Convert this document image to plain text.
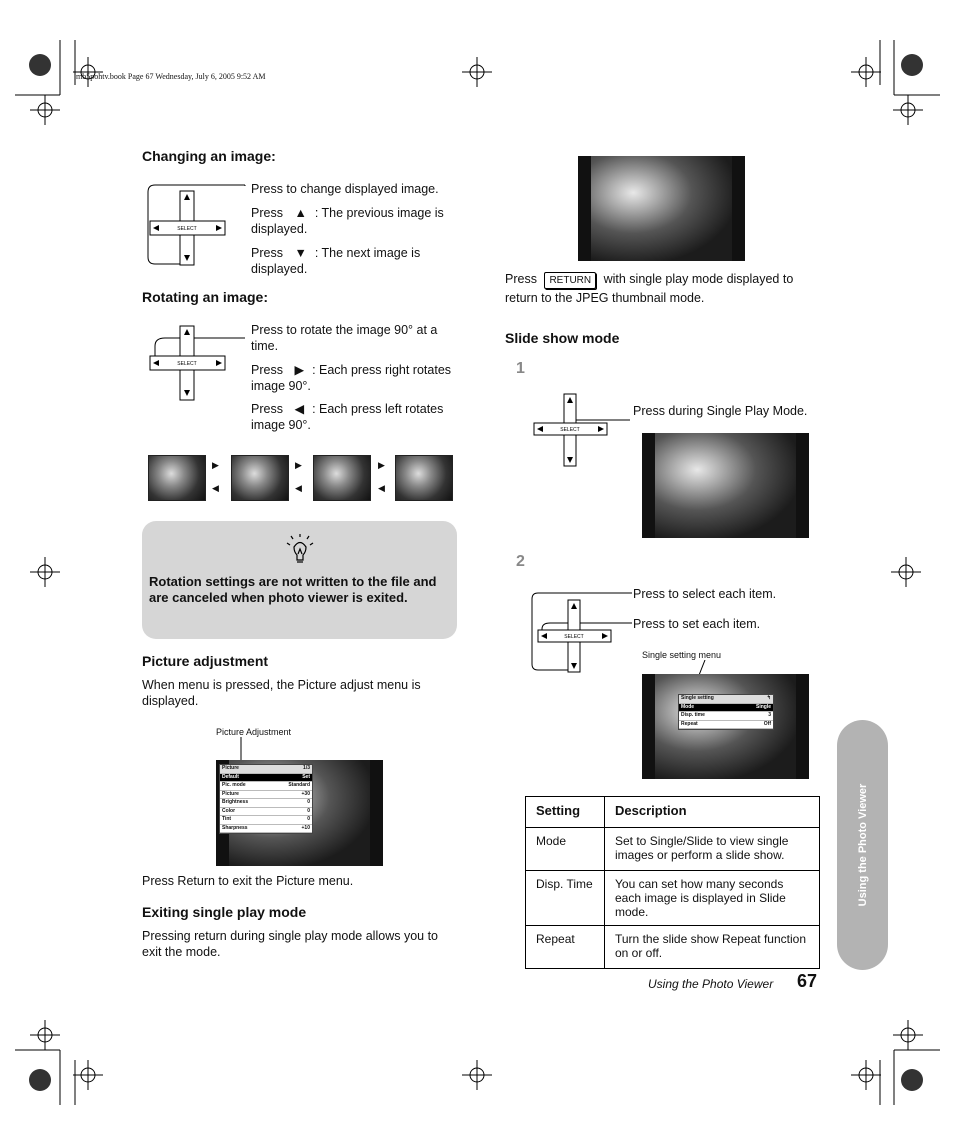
mb5pohtv.book Page 67 Wednesday, July 6, 2005 9:52 AM
Changing an image:
SELECT
Press to change displayed image.
Press ▲ : The previous image is displayed.
Press ▼ : The next image is displayed.
Rotating an image:
SELECT
Press to rotate the image 90° at a time.
Press ▶ : Each press right rotates image 90°.
Press ◀ : Each press left rotates image 90°.
▶
◀
▶
◀
▶
◀
Rotation settings are not written to the file and are canceled when photo viewer is exited.
Picture adjustment
When menu is pressed, the Picture adjust menu is displayed.
Picture Adjustment
Picture	1/3
Default	Set
Pic. mode	Standard
Picture	+30
Brightness	0
Color	0
Tint	0
Sharpness	+10
Press Return to exit the Picture menu.
Exiting single play mode
Pressing return during single play mode allows you to exit the mode.
Press RETURN with single play mode displayed to return to the JPEG thumbnail mode.
Slide show mode
1
SELECT
Press during Single Play Mode.
2
SELECT
Press to select each item.
Press to set each item.
Single setting menu
Single setting	↰
Mode	Single
Disp. time	3
Repeat	Off
Setting	Description
Mode	Set to Single/Slide to view single images or perform a slide show.
Disp. Time	You can set how many seconds each image is displayed in Slide mode.
Repeat	Turn the slide show Repeat function on or off.
Using the Photo Viewer 67
Using the Photo Viewer
